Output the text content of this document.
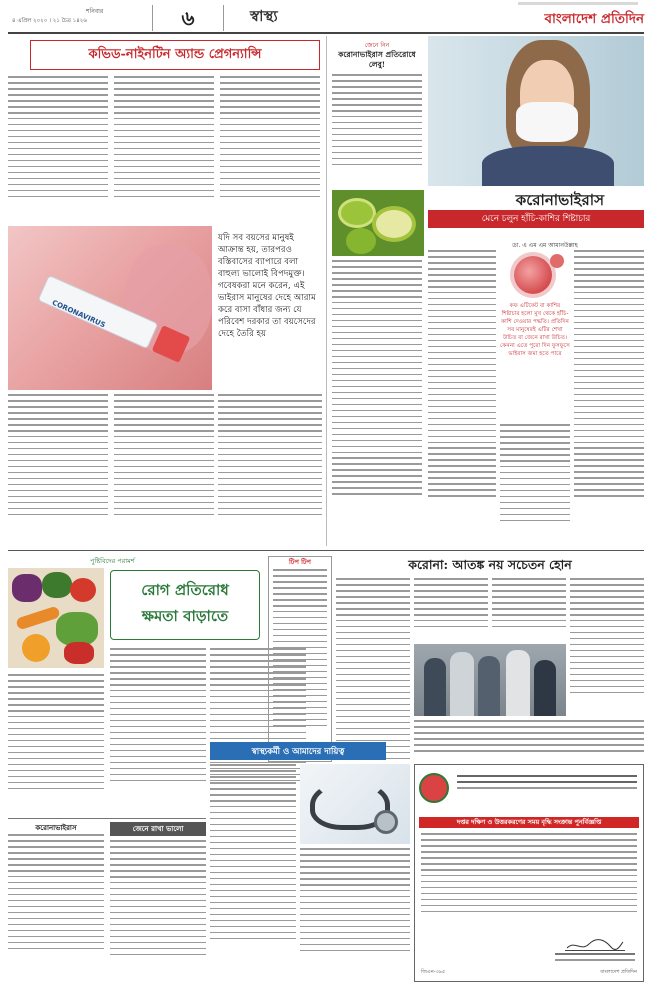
শনিবার
৪ এপ্রিল ২০২০ । ২১ চৈত্র ১৪২৬	৬	স্বাস্থ্য	বাংলাদেশ প্রতিদিন
কভিড-নাইনটিন অ্যান্ড প্রেগন্যান্সি
CORONAVIRUS
যদি সব বয়সের মানুষই আক্রান্ত হয়, তারপরও বস্তিবাসের ব্যাপারে বলা বাহুল্য ভালোই বিপদমুক্ত। গবেষকরা মনে করেন, এই ভাইরাস মানুষের দেহে আরাম করে বাসা বাঁধার জন্য যে পরিবেশ দরকার তা বয়সেদের দেহে তৈরি হয়
জেনে নিন
করোনাভাইরাস প্রতিরোধে লেবু!
করোনাভাইরাস
মেনে চলুন হাঁচি-কাশির শিষ্টাচার
ডা. এ এম এম আমানউল্লাহ
কফ এটিকেট বা কাশির শিষ্টাচার হলো মুখ থেকে হাঁচি-কাশি দেওয়ার পদ্ধতি। প্রতিদিন সব মানুষেরই এটির শেখা উচিত বা জেনে রাখা উচিত। কেননা এতে পুরো দিন ফুসফুসে ভাইরাস জমা হতে পারে
পুষ্টিবিদের পরামর্শ
রোগ প্রতিরোধ
ক্ষমতা বাড়াতে
টিপ টিপ	করোনা: আতঙ্ক নয় সচেতন হোন
স্বাস্থ্যকর্মী ও আমাদের দায়িত্ব
করোনাভাইরাস	জেনে রাখা ভালো
দপ্তর দক্ষিণ ও উত্তরকরণের সময় বৃদ্ধি সংক্রান্ত পুনর্বিজ্ঞপ্তি
জিএন-৩৯৫	বাংলাদেশ প্রতিদিন
